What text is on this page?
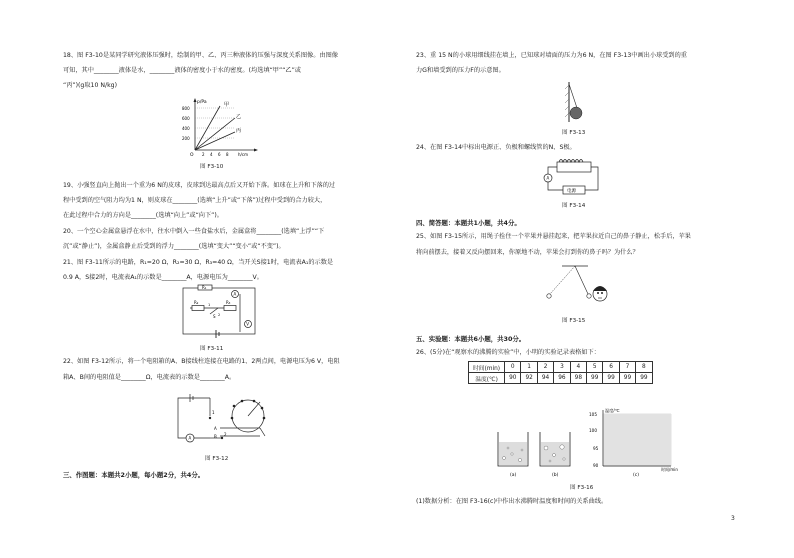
18、图 F3-10是某同学研究液体压强时，绘制的甲、乙、丙三种液体的压强与深度关系图像。由图像
可知，其中________液体是水，________液体的密度小于水的密度。(均选填“甲”“乙”或
“丙”)(g取10 N/kg)
p/Pa
800
600
400
200
O 2 4 6 8 h/cm
甲
乙
丙
图 F3-10
19、小强竖直向上抛出一个重为6 N的皮球，皮球到达最高点后又开始下落。如球在上升和下落的过
程中受到的空气阻力均为1 N，则皮球在________(选填“上升”或“下落”)过程中受到的合力较大，
在此过程中合力的方向是________(选填“向上”或“向下”)。
20、一个空心金属盒悬浮在水中，往水中倒入一些食盐水后，金属盒将________(选填“上浮”“下
沉”或“静止”)，金属盒静止后受到的浮力________(选填“变大”“变小”或“不变”)。
21、图 F3-11所示的电路，R₁=20 Ω，R₂=30 Ω，R₃=40 Ω，当开关S接1时，电流表A₁的示数是
0.9 A，S接2时，电流表A₁的示数是________A，电源电压为________V。
R₁
R₂	R₃
A
V
S
1
2
图 F3-11
22、如图 F3-12所示，将一个电阻箱的A、B接线柱连接在电路的1、2两点间，电源电压为6 V，电阻
箱A、B间的电阻值是________Ω，电流表的示数是________A。
A
1
2
A
B
图 F3-12
三、作图题：本题共2小题，每小题2分，共4分。
23、重 15 N的小球用细线挂在墙上，已知球对墙面的压力为6 N，在图 F3-13中画出小球受到的重
力G和墙受到的压力F的示意图。
图 F3-13
24、在图 F3-14中标出电源正、负极和螺线管的N、S极。
A
电源
图 F3-14
四、简答题：本题共1小题，共4分。
25、如图 F3-15所示，用绳子拴住一个苹果并悬挂起来，把苹果拉近自己的鼻子静止，松手后，苹果
将向前摆去，接着又反向摆回来，你原地不动，苹果会打到你的鼻子吗？为什么？
图 F3-15
五、实验题：本题共6小题，共30分。
26、(5分)在“观察水的沸腾的实验”中，小明的实验记录表格如下：
时间(min)	0	1	2	3	4	5	6	7	8
温度(℃)	90	92	94	96	98	99	99	99	99
(a)	(b)
温度/℃
105
100
95
90
时间/min
(c)
图 F3-16
(1)数据分析：在图 F3-16(c)中作出水沸腾时温度和时间的关系曲线。
3
